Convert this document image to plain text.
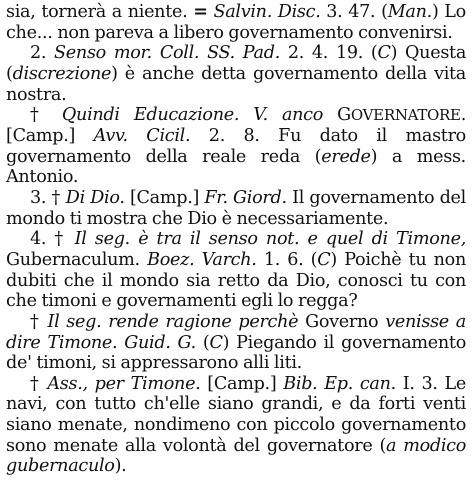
sia, tornerà a niente. = Salvin. Disc. 3. 47. (Man.) Lo che... non pareva a libero governamento convenirsi.

2. Senso mor. Coll. SS. Pad. 2. 4. 19. (C) Questa (discrezione) è anche detta governamento della vita nostra.

† Quindi Educazione. V. anco GOVERNATORE. [Camp.] Avv. Cicil. 2. 8. Fu dato il mastro governamento della reale reda (erede) a mess. Antonio.

3. † Di Dio. [Camp.] Fr. Giord. Il governamento del mondo ti mostra che Dio è necessariamente.

4. † Il seg. è tra il senso not. e quel di Timone, Gubernaculum. Boez. Varch. 1. 6. (C) Poichè tu non dubiti che il mondo sia retto da Dio, conosci tu con che timoni e governamenti egli lo regga?

† Il seg. rende ragione perchè Governo venisse a dire Timone. Guid. G. (C) Piegando il governamento de' timoni, si appressarono alli liti.

† Ass., per Timone. [Camp.] Bib. Ep. can. I. 3. Le navi, con tutto ch'elle siano grandi, e da forti venti siano menate, nondimeno con piccolo governamento sono menate alla volontà del governatore (a modico gubernaculo).
